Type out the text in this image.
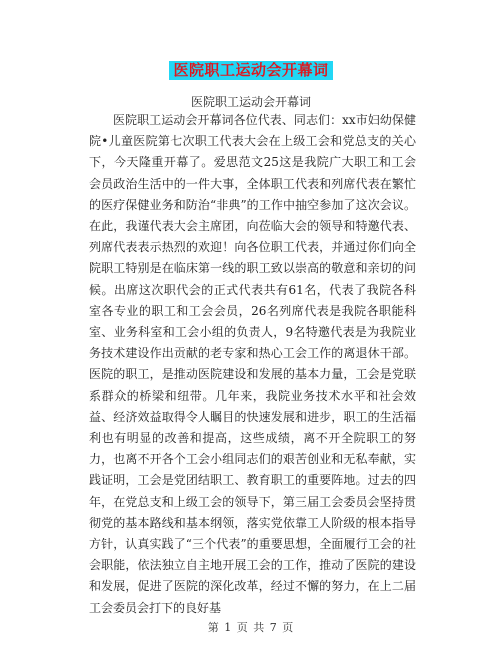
医院职工运动会开幕词
医院职工运动会开幕词

医院职工运动会开幕词各位代表、同志们：xx市妇幼保健院•儿童医院第七次职工代表大会在上级工会和党总支的关心下，今天隆重开幕了。爱思范文25这是我院广大职工和工会会员政治生活中的一件大事，全体职工代表和列席代表在繁忙的医疗保健业务和防治“非典”的工作中抽空参加了这次会议。在此，我谨代表大会主席团，向莅临大会的领导和特邀代表、列席代表表示热烈的欢迎！向各位职工代表，并通过你们向全院职工特别是在临床第一线的职工致以崇高的敬意和亲切的问候。出席这次职代会的正式代表共有61名，代表了我院各科室各专业的职工和工会会员，26名列席代表是我院各职能科室、业务科室和工会小组的负责人，9名特邀代表是为我院业务技术建设作出贡献的老专家和热心工会工作的离退休干部。医院的职工，是推动医院建设和发展的基本力量，工会是党联系群众的桥梁和纽带。几年来，我院业务技术水平和社会效益、经济效益取得令人瞩目的快速发展和进步，职工的生活福利也有明显的改善和提高，这些成绩，离不开全院职工的努力，也离不开各个工会小组同志们的艰苦创业和无私奉献，实践证明，工会是党团结职工、教育职工的重要阵地。过去的四年，在党总支和上级工会的领导下，第三届工会委员会坚持贯彻党的基本路线和基本纲领，落实党依靠工人阶级的根本指导方针，认真实践了“三个代表”的重要思想，全面履行工会的社会职能，依法独立自主地开展工会的工作，推动了医院的建设和发展，促进了医院的深化改革，经过不懈的努力，在上二届工会委员会打下的良好基

第 1 页 共 7 页
